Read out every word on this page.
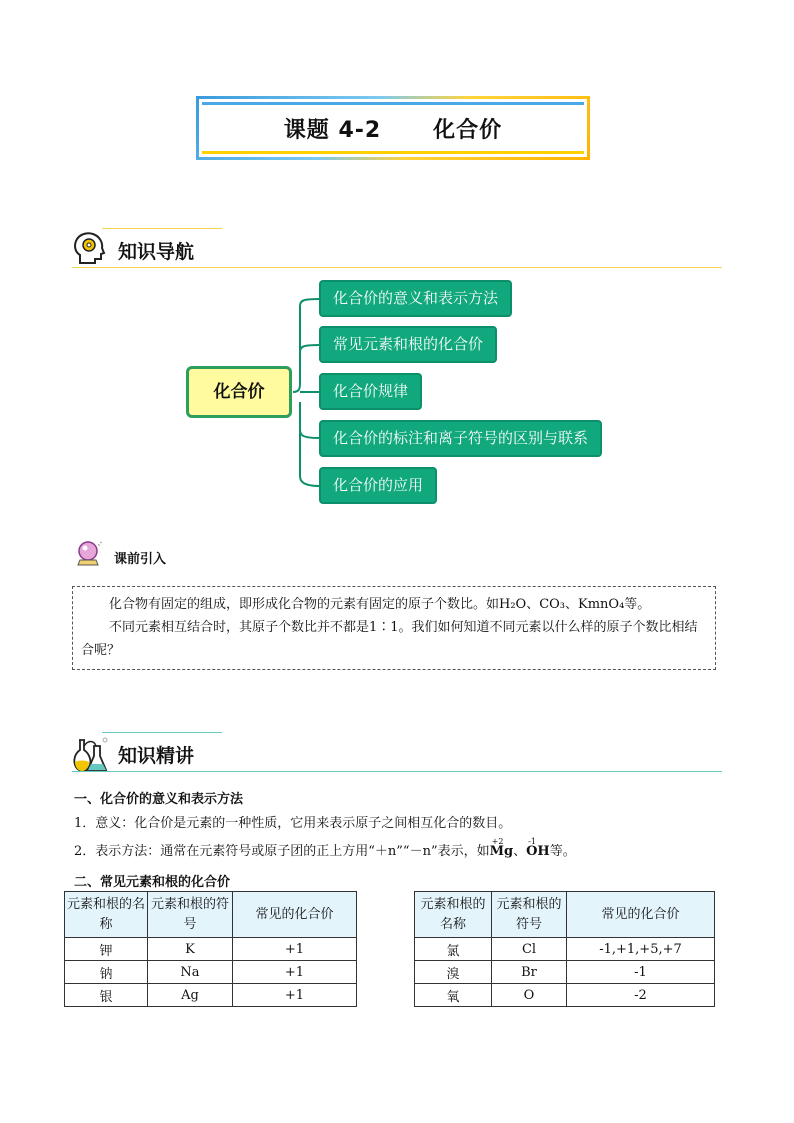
课题 4-2 化合价
知识导航
化合价
化合价的意义和表示方法
常见元素和根的化合价
化合价规律
化合价的标注和离子符号的区别与联系
化合价的应用
课前引入

化合物有固定的组成，即形成化合物的元素有固定的原子个数比。如H₂O、CO₃、KmnO₄等。

不同元素相互结合时，其原子个数比并不都是1∶1。我们如何知道不同元素以什么样的原子个数比相结合呢？

知识精讲
一、化合价的意义和表示方法
1．意义：化合价是元素的一种性质，它用来表示原子之间相互化合的数目。
2．表示方法：通常在元素符号或原子团的正上方用“＋n”“－n”表示，如
+2
Mg、
-1
OH等。
二、常见元素和根的化合价
元素和根的名称	元素和根的符号	常见的化合价
钾	K	+1
钠	Na	+1
银	Ag	+1
元素和根的名称	元素和根的符号	常见的化合价
氯	Cl	-1,+1,+5,+7
溴	Br	-1
氧	O	-2
